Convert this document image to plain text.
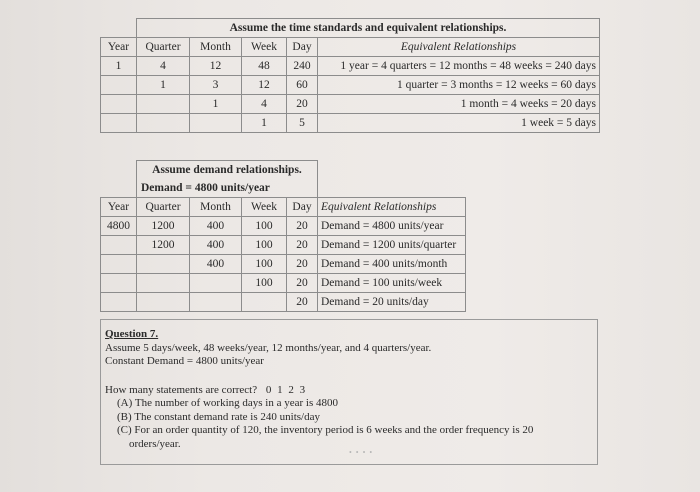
	Assume the time standards and equivalent relationships.				
Year	Quarter	Month	Week	Day	Equivalent Relationships
1	4	12	48	240	1 year = 4 quarters = 12 months = 48 weeks = 240 days
	1	3	12	60	1 quarter = 3 months = 12 weeks = 60 days
		1	4	20	1 month = 4 weeks = 20 days
			1	5	1 week = 5 days
	Assume demand relationships.				
	Demand = 4800 units/year				
Year	Quarter	Month	Week	Day	Equivalent Relationships
4800	1200	400	100	20	Demand = 4800 units/year
	1200	400	100	20	Demand = 1200 units/quarter
		400	100	20	Demand = 400 units/month
			100	20	Demand = 100 units/week
				20	Demand = 20 units/day
Question 7.
Assume 5 days/week, 48 weeks/year, 12 months/year, and 4 quarters/year.
Constant Demand = 4800 units/year
How many statements are correct? 0 1 2 3
(A) The number of working days in a year is 4800
(B) The constant demand rate is 240 units/day
(C) For an order quantity of 120, the inventory period is 6 weeks and the order frequency is 20
orders/year.
• • • •
